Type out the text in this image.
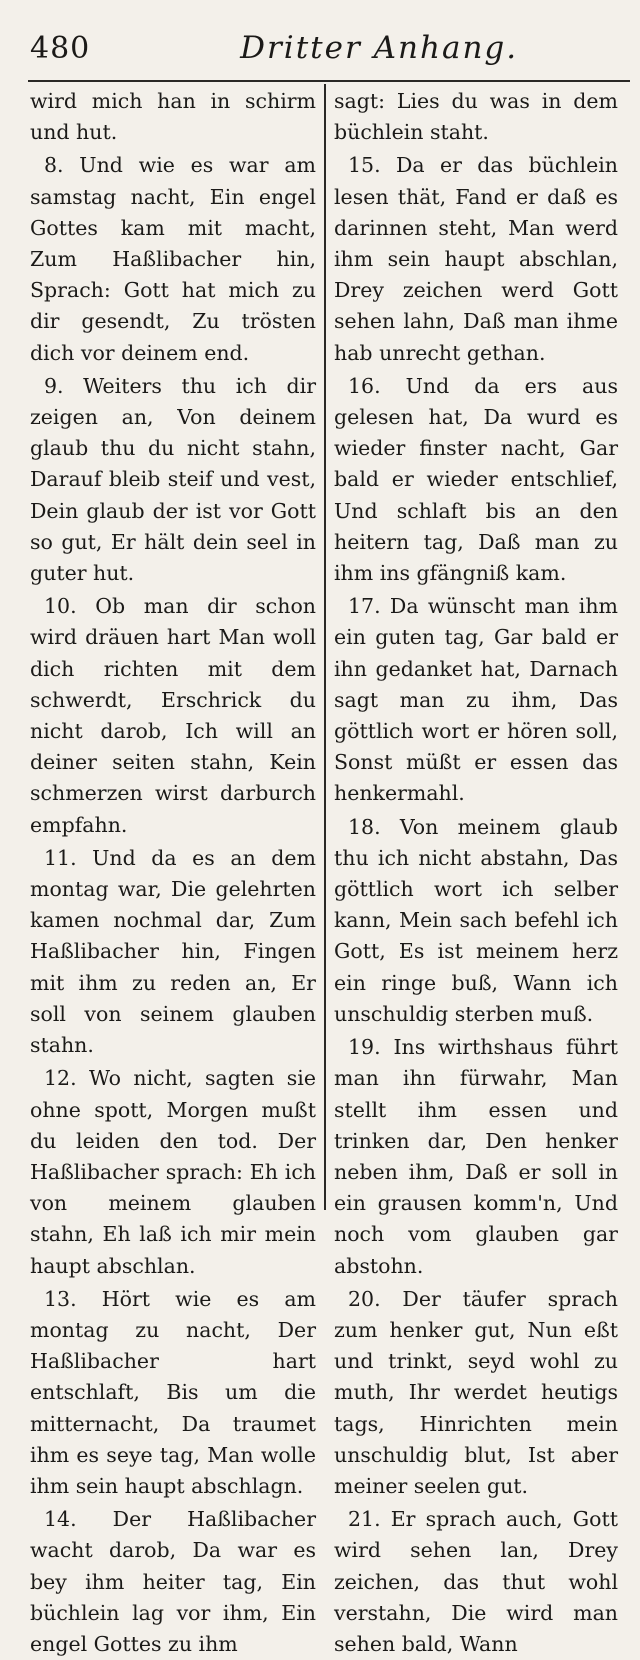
480	Dritter Anhang.

wird mich han in schirm und hut.

8. Und wie es war am samstag nacht, Ein engel Gottes kam mit macht, Zum Haßlibacher hin, Sprach: Gott hat mich zu dir gesendt, Zu trösten dich vor deinem end.

9. Weiters thu ich dir zeigen an, Von deinem glaub thu du nicht stahn, Darauf bleib steif und vest, Dein glaub der ist vor Gott so gut, Er hält dein seel in guter hut.

10. Ob man dir schon wird dräuen hart Man woll dich richten mit dem schwerdt, Erschrick du nicht darob, Ich will an deiner seiten stahn, Kein schmerzen wirst darburch empfahn.

11. Und da es an dem montag war, Die gelehrten kamen nochmal dar, Zum Haßlibacher hin, Fingen mit ihm zu reden an, Er soll von seinem glauben stahn.

12. Wo nicht, sagten sie ohne spott, Morgen mußt du leiden den tod. Der Haßlibacher sprach: Eh ich von meinem glauben stahn, Eh laß ich mir mein haupt abschlan.

13. Hört wie es am montag zu nacht, Der Haßlibacher hart entschlaft, Bis um die mitternacht, Da traumet ihm es seye tag, Man wolle ihm sein haupt abschlagn.

14. Der Haßlibacher wacht darob, Da war es bey ihm heiter tag, Ein büchlein lag vor ihm, Ein engel Gottes zu ihm

sagt: Lies du was in dem büchlein staht.

15. Da er das büchlein lesen thät, Fand er daß es darinnen steht, Man werd ihm sein haupt abschlan, Drey zeichen werd Gott sehen lahn, Daß man ihme hab unrecht gethan.

16. Und da ers aus gelesen hat, Da wurd es wieder finster nacht, Gar bald er wieder entschlief, Und schlaft bis an den heitern tag, Daß man zu ihm ins gfängniß kam.

17. Da wünscht man ihm ein guten tag, Gar bald er ihn gedanket hat, Darnach sagt man zu ihm, Das göttlich wort er hören soll, Sonst müßt er essen das henkermahl.

18. Von meinem glaub thu ich nicht abstahn, Das göttlich wort ich selber kann, Mein sach befehl ich Gott, Es ist meinem herz ein ringe buß, Wann ich unschuldig sterben muß.

19. Ins wirthshaus führt man ihn fürwahr, Man stellt ihm essen und trinken dar, Den henker neben ihm, Daß er soll in ein grausen komm'n, Und noch vom glauben gar abstohn.

20. Der täufer sprach zum henker gut, Nun eßt und trinkt, seyd wohl zu muth, Ihr werdet heutigs tags, Hinrichten mein unschuldig blut, Ist aber meiner seelen gut.

21. Er sprach auch, Gott wird sehen lan, Drey zeichen, das thut wohl verstahn, Die wird man sehen bald, Wann
